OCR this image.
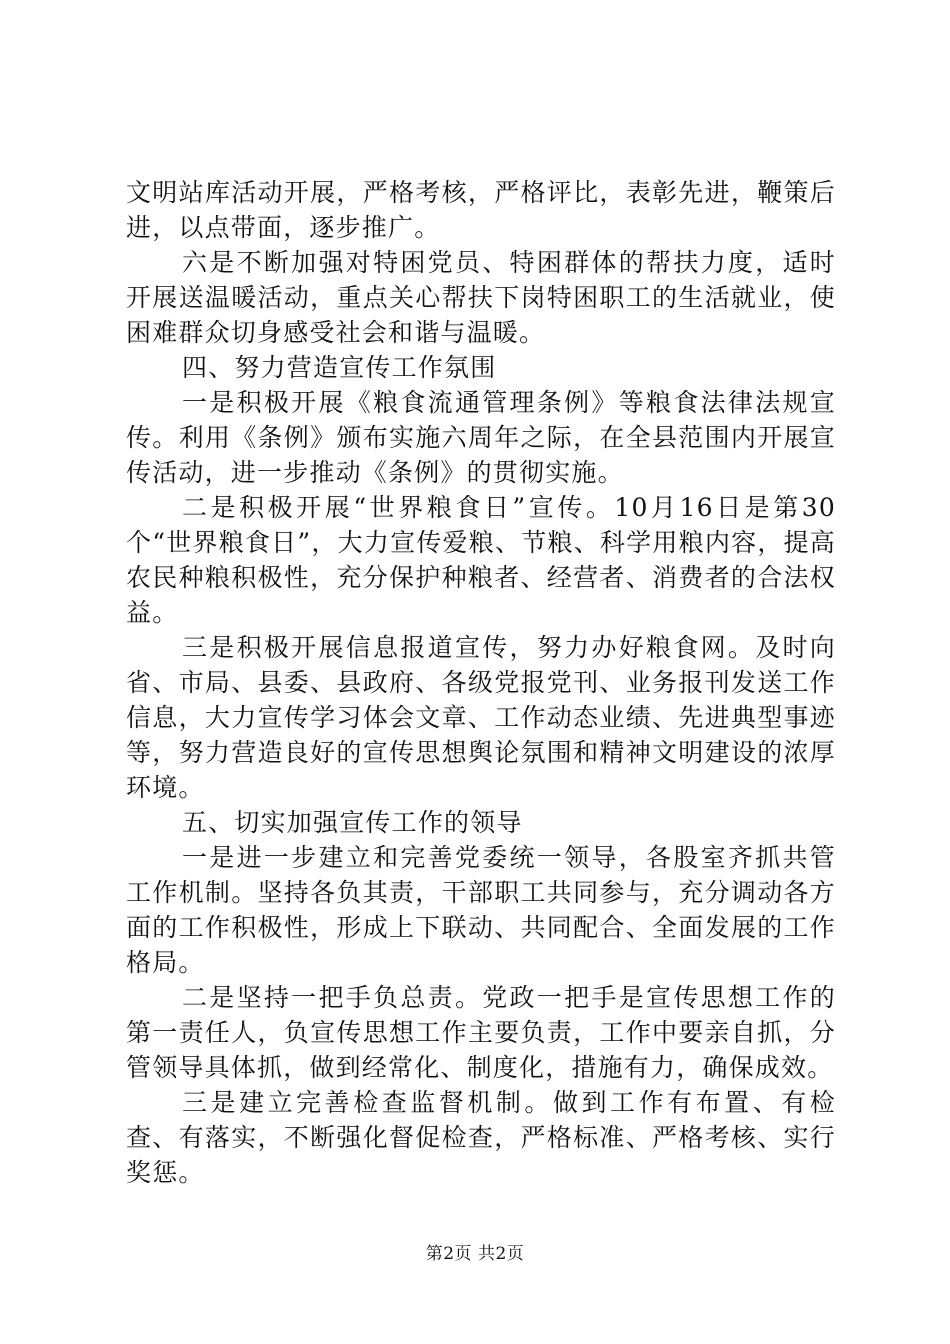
文明站库活动开展，严格考核，严格评比，表彰先进，鞭策后进，以点带面，逐步推广。

六是不断加强对特困党员、特困群体的帮扶力度，适时开展送温暖活动，重点关心帮扶下岗特困职工的生活就业，使困难群众切身感受社会和谐与温暖。

四、努力营造宣传工作氛围

一是积极开展《粮食流通管理条例》等粮食法律法规宣传。利用《条例》颁布实施六周年之际，在全县范围内开展宣传活动，进一步推动《条例》的贯彻实施。

二是积极开展“世界粮食日”宣传。10月16日是第30个“世界粮食日”，大力宣传爱粮、节粮、科学用粮内容，提高农民种粮积极性，充分保护种粮者、经营者、消费者的合法权益。

三是积极开展信息报道宣传，努力办好粮食网。及时向省、市局、县委、县政府、各级党报党刊、业务报刊发送工作信息，大力宣传学习体会文章、工作动态业绩、先进典型事迹等，努力营造良好的宣传思想舆论氛围和精神文明建设的浓厚环境。

五、切实加强宣传工作的领导

一是进一步建立和完善党委统一领导，各股室齐抓共管工作机制。坚持各负其责，干部职工共同参与，充分调动各方面的工作积极性，形成上下联动、共同配合、全面发展的工作格局。

二是坚持一把手负总责。党政一把手是宣传思想工作的第一责任人，负宣传思想工作主要负责，工作中要亲自抓，分管领导具体抓，做到经常化、制度化，措施有力，确保成效。

三是建立完善检查监督机制。做到工作有布置、有检查、有落实，不断强化督促检查，严格标准、严格考核、实行奖惩。

第2页 共2页
